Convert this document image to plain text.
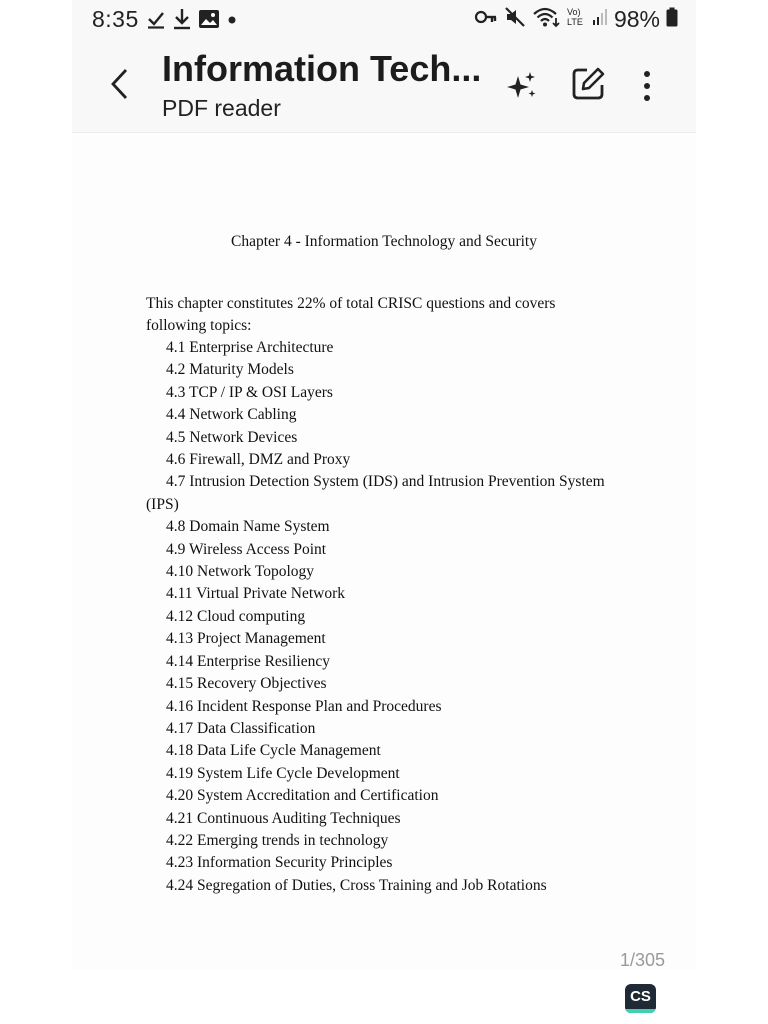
8:35	Vo)
LTE 98%
Information Tech...
PDF reader
Chapter 4 - Information Technology and Security
This chapter constitutes 22% of total CRISC questions and covers
following topics:
4.1 Enterprise Architecture
4.2 Maturity Models
4.3 TCP / IP & OSI Layers
4.4 Network Cabling
4.5 Network Devices
4.6 Firewall, DMZ and Proxy
4.7 Intrusion Detection System (IDS) and Intrusion Prevention System
(IPS)
4.8 Domain Name System
4.9 Wireless Access Point
4.10 Network Topology
4.11 Virtual Private Network
4.12 Cloud computing
4.13 Project Management
4.14 Enterprise Resiliency
4.15 Recovery Objectives
4.16 Incident Response Plan and Procedures
4.17 Data Classification
4.18 Data Life Cycle Management
4.19 System Life Cycle Development
4.20 System Accreditation and Certification
4.21 Continuous Auditing Techniques
4.22 Emerging trends in technology
4.23 Information Security Principles
4.24 Segregation of Duties, Cross Training and Job Rotations
1/305
CS
